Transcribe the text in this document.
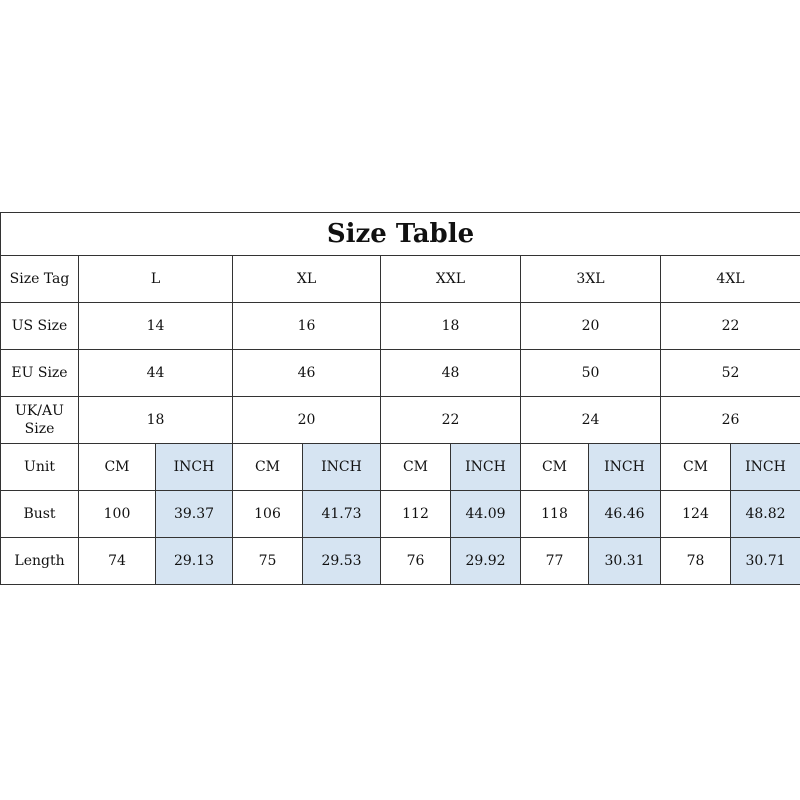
Size Table										
Size Tag	L		XL		XXL		3XL		4XL	
US Size	14		16		18		20		22	
EU Size	44		46		48		50		52	
UK/AU
Size	18		20		22		24		26	
Unit	CM	INCH	CM	INCH	CM	INCH	CM	INCH	CM	INCH
Bust	100	39.37	106	41.73	112	44.09	118	46.46	124	48.82
Length	74	29.13	75	29.53	76	29.92	77	30.31	78	30.71
